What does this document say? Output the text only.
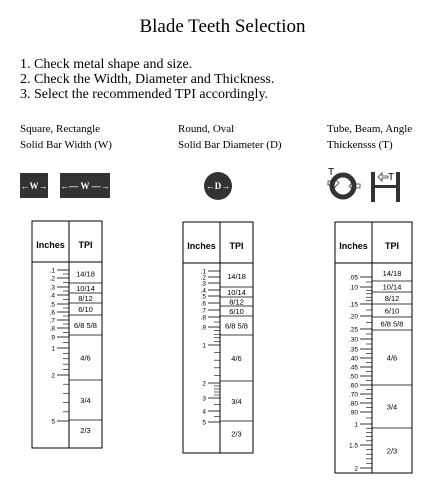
Blade Teeth Selection
1. Check metal shape and size.
2. Check the Width, Diameter and Thickness.
3. Select the recommended TPI accordingly.
Square, Rectangle
Solid Bar Width (W)
Round, Oval
Solid Bar Diameter (D)
Tube, Beam, Angle
Thickensss (T)
← W → ←—
W
—→	← D →
T	T
Inches TPI
.1
.2
.3
.4
.5
.6
.7
.8
.9
1
2
5
14/18
10/14
8/12
6/10
6/8 5/8
4/6
3/4
2/3
Inches TPI
.1
.2
.3
.4
.5
.6
.7
.8
.9
1
2
3
4
5
14/18
10/14
8/12
6/10
6/8 5/8
4/6
3/4
2/3
Inches TPI
.05
.10
.15
.20
.25
.30
.35
.40
.45
.50
.60
.70
.80
.90
1
1.5
2
14/18
10/14
8/12
6/10
6/8 5/8
4/6
3/4
2/3
